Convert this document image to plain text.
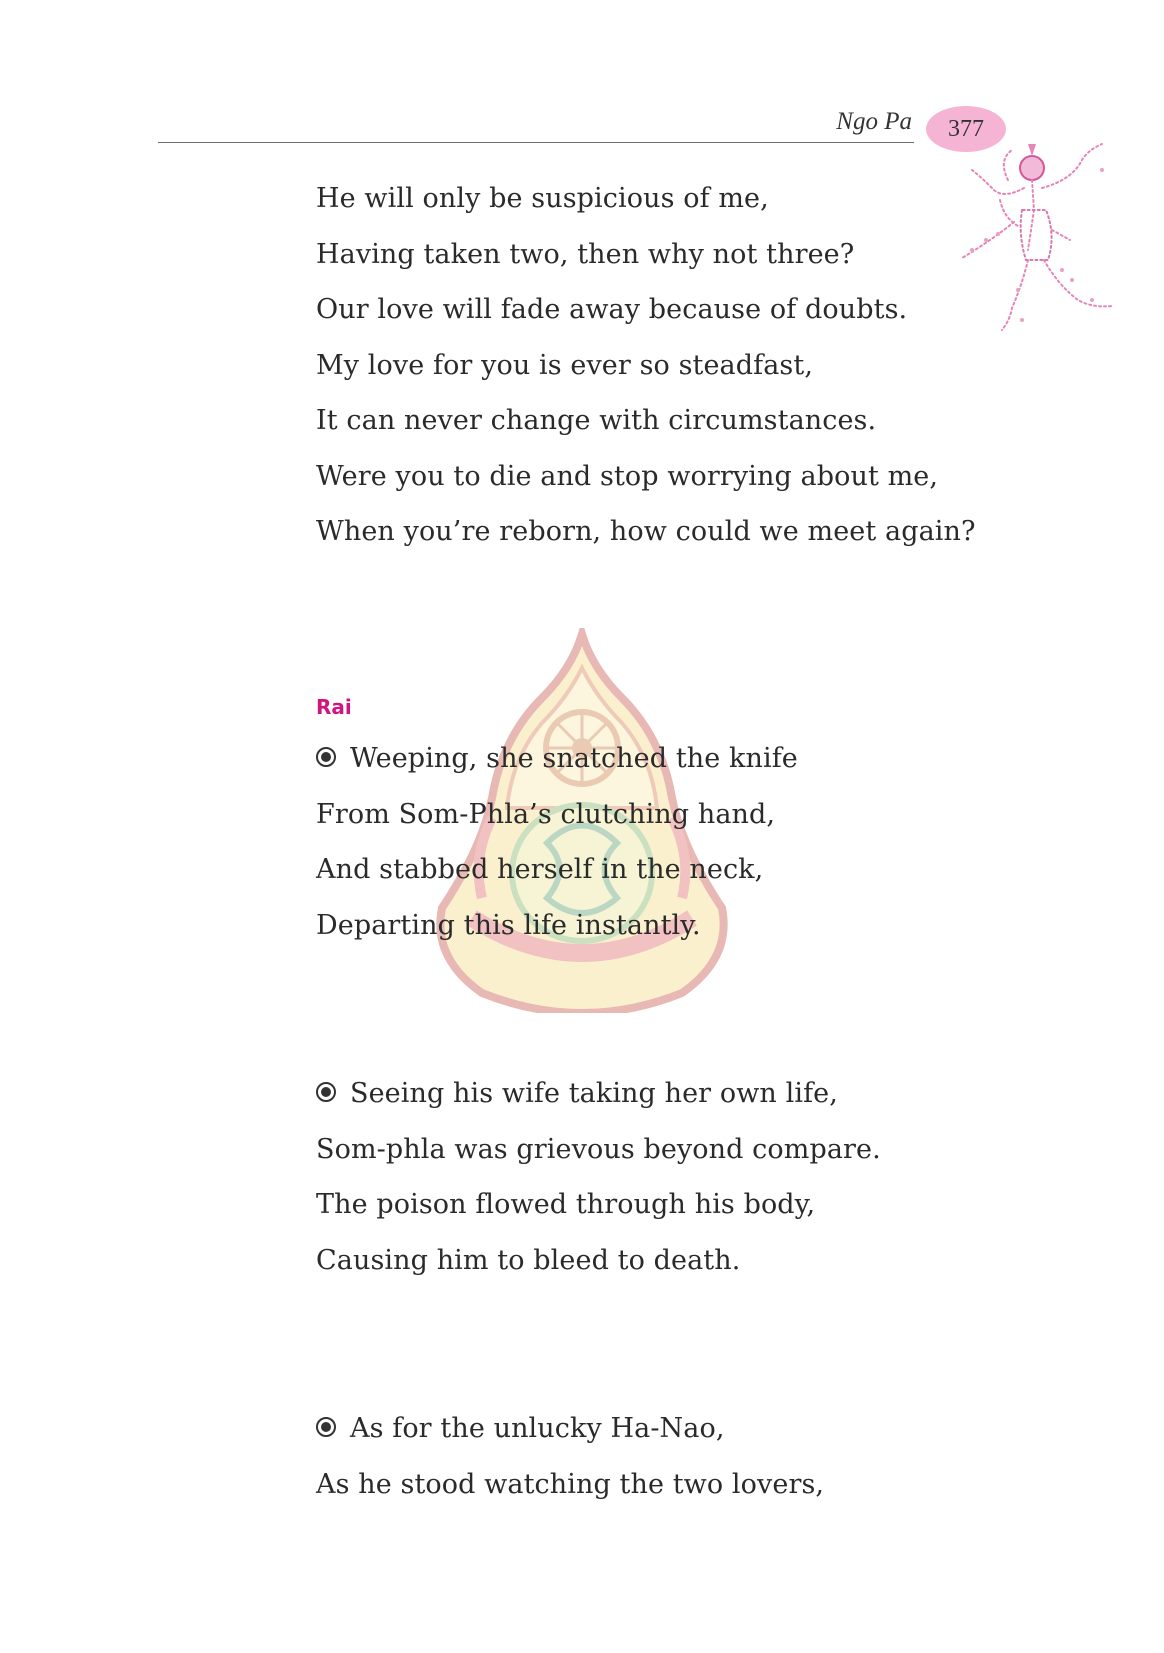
Ngo Pa 377
He will only be suspicious of me,
Having taken two, then why not three?
Our love will fade away because of doubts.
My love for you is ever so steadfast,
It can never change with circumstances.
Were you to die and stop worrying about me,
When you’re reborn, how could we meet again?
Rai
Weeping, she snatched the knife
From Som-Phla’s clutching hand,
And stabbed herself in the neck,
Departing this life instantly.
Seeing his wife taking her own life,
Som-phla was grievous beyond compare.
The poison flowed through his body,
Causing him to bleed to death.
As for the unlucky Ha-Nao,
As he stood watching the two lovers,
